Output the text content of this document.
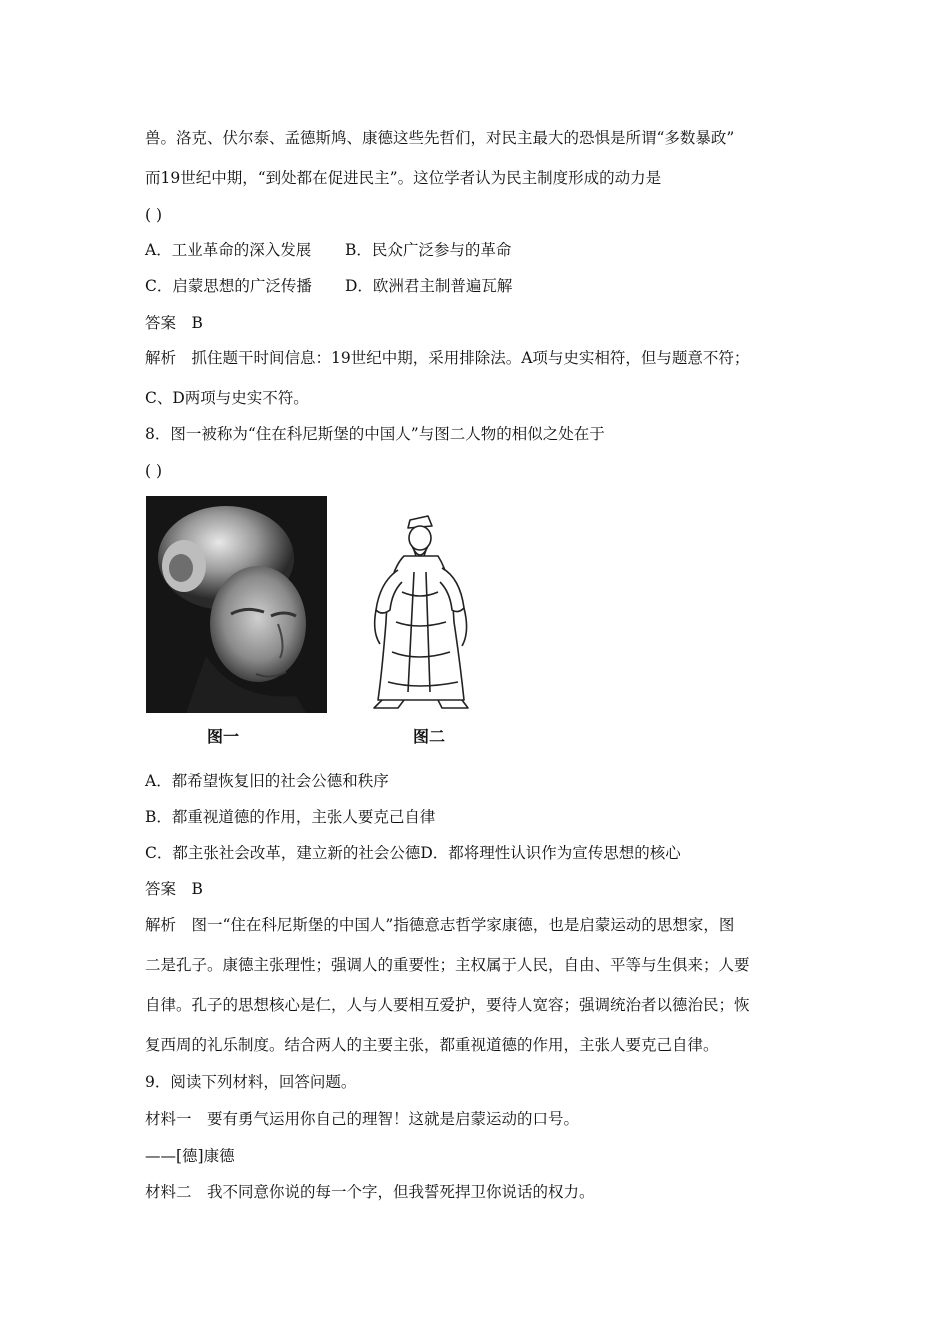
兽。洛克、伏尔泰、孟德斯鸠、康德这些先哲们，对民主最大的恐惧是所谓“多数暴政”
而19世纪中期，“到处都在促进民主”。这位学者认为民主制度形成的动力是
( )
A．工业革命的深入发展 B．民众广泛参与的革命
C．启蒙思想的广泛传播 D．欧洲君主制普遍瓦解
答案　B
解析　抓住题干时间信息：19世纪中期，采用排除法。A项与史实相符，但与题意不符；
C、D两项与史实不符。
8．图一被称为“住在科尼斯堡的中国人”与图二人物的相似之处在于
( )
图一	图二
A．都希望恢复旧的社会公德和秩序
B．都重视道德的作用，主张人要克己自律
C．都主张社会改革，建立新的社会公德D．都将理性认识作为宣传思想的核心
答案　B
解析　图一“住在科尼斯堡的中国人”指德意志哲学家康德，也是启蒙运动的思想家，图
二是孔子。康德主张理性；强调人的重要性；主权属于人民，自由、平等与生俱来；人要
自律。孔子的思想核心是仁，人与人要相互爱护，要待人宽容；强调统治者以德治民；恢
复西周的礼乐制度。结合两人的主要主张，都重视道德的作用，主张人要克己自律。
9．阅读下列材料，回答问题。
材料一　要有勇气运用你自己的理智！这就是启蒙运动的口号。
——[德]康德
材料二　我不同意你说的每一个字，但我誓死捍卫你说话的权力。
